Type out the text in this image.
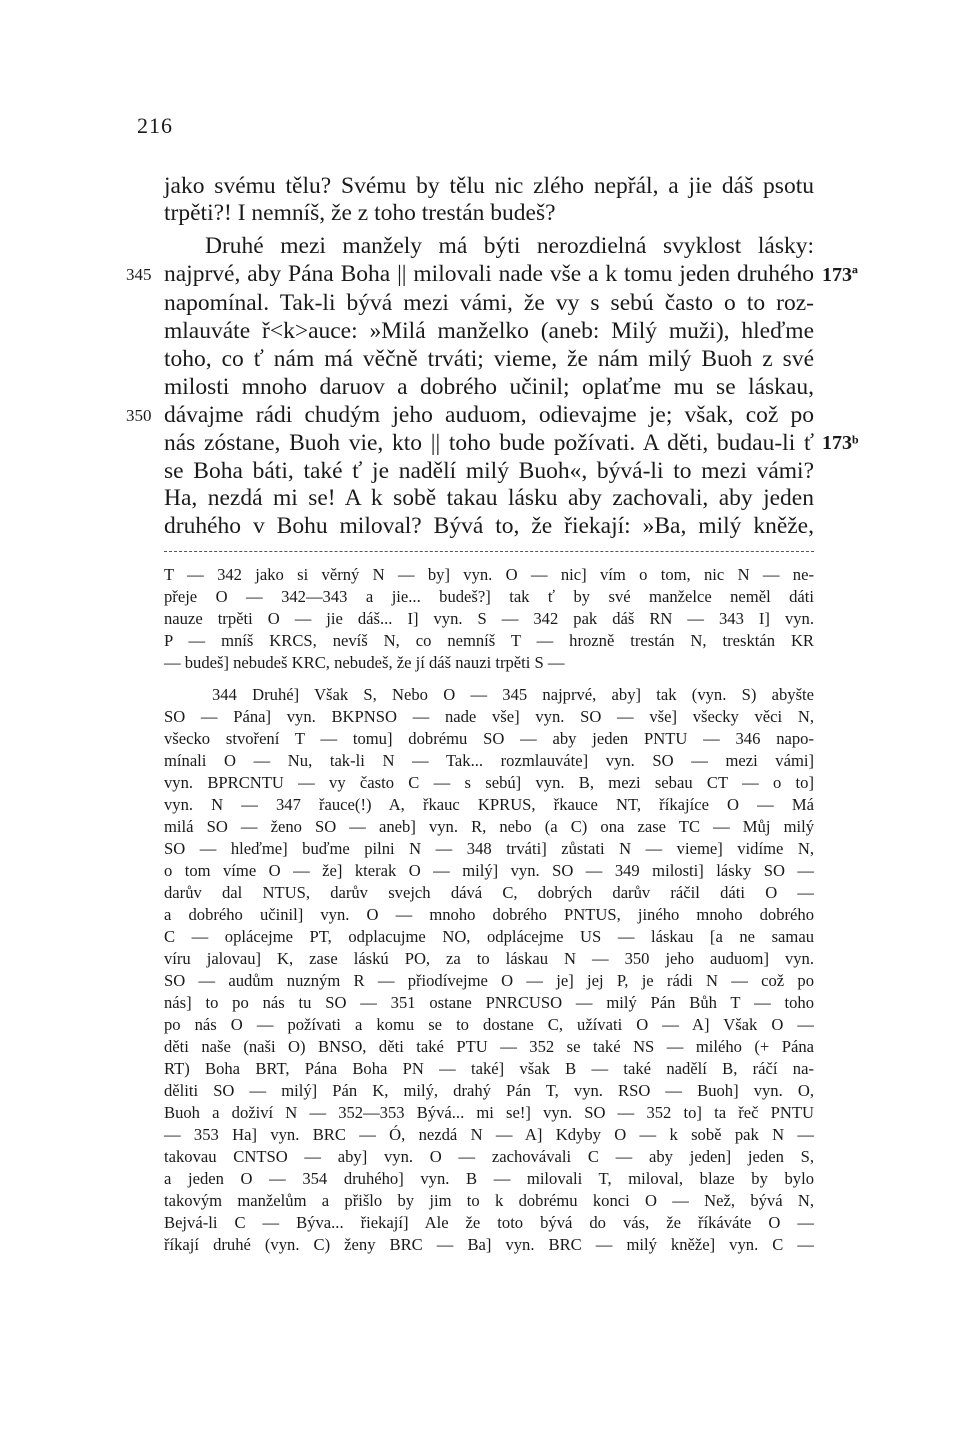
216
jako svému tělu? Svému by tělu nic zlého nepřál, a jie dáš psotu
trpěti?! I nemníš, že z toho trestán budeš?
Druhé mezi manžely má býti nerozdielná svyklost lásky:
najprvé, aby Pána Boha || milovali nade vše a k tomu jeden druhého
napomínal. Tak-li bývá mezi vámi, že vy s sebú často o to roz-
mlauváte ř<k>auce: »Milá manželko (aneb: Milý muži), hleďme
toho, co ť nám má věčně trváti; vieme, že nám milý Buoh z své
milosti mnoho daruov a dobrého učinil; oplaťme mu se láskau,
dávajme rádi chudým jeho auduom, odievajme je; však, což po
nás zóstane, Buoh vie, kto || toho bude požívati. A děti, budau-li ť
se Boha báti, také ť je nadělí milý Buoh«, bývá-li to mezi vámi?
Ha, nezdá mi se! A k sobě takau lásku aby zachovali, aby jeden
druhého v Bohu miloval? Bývá to, že řiekají: »Ba, milý kněže,
345
350
173ª
173ᵇ
T — 342 jako si věrný N — by] vyn. O — nic] vím o tom, nic N — ne-
přeje O — 342—343 a jie... budeš?] tak ť by své manželce neměl dáti
nauze trpěti O — jie dáš... I] vyn. S — 342 pak dáš RN — 343 I] vyn.
P — mníš KRCS, nevíš N, co nemníš T — hrozně trestán N, tresktán KR
— budeš] nebudeš KRC, nebudeš, že jí dáš nauzi trpěti S —
344 Druhé] Však S, Nebo O — 345 najprvé, aby] tak (vyn. S) abyšte
SO — Pána] vyn. BKPNSO — nade vše] vyn. SO — vše] všecky věci N,
všecko stvoření T — tomu] dobrému SO — aby jeden PNTU — 346 napo-
mínali O — Nu, tak-li N — Tak... rozmlauváte] vyn. SO — mezi vámi]
vyn. BPRCNTU — vy často C — s sebú] vyn. B, mezi sebau CT — o to]
vyn. N — 347 řauce(!) A, řkauc KPRUS, řkauce NT, říkajíce O — Má
milá SO — ženo SO — aneb] vyn. R, nebo (a C) ona zase TC — Můj milý
SO — hleďme] buďme pilni N — 348 trváti] zůstati N — vieme] vidíme N,
o tom víme O — že] kterak O — milý] vyn. SO — 349 milosti] lásky SO —
darův dal NTUS, darův svejch dává C, dobrých darův ráčil dáti O —
a dobrého učinil] vyn. O — mnoho dobrého PNTUS, jiného mnoho dobrého
C — oplácejme PT, odplacujme NO, odplácejme US — láskau [a ne samau
víru jalovau] K, zase láskú PO, za to láskau N — 350 jeho auduom] vyn.
SO — audům nuzným R — přiodívejme O — je] jej P, je rádi N — což po
nás] to po nás tu SO — 351 ostane PNRCUSO — milý Pán Bůh T — toho
po nás O — požívati a komu se to dostane C, užívati O — A] Však O —
děti naše (naši O) BNSO, děti také PTU — 352 se také NS — milého (+ Pána
RT) Boha BRT, Pána Boha PN — také] však B — také nadělí B, ráčí na-
děliti SO — milý] Pán K, milý, drahý Pán T, vyn. RSO — Buoh] vyn. O,
Buoh a doživí N — 352—353 Bývá... mi se!] vyn. SO — 352 to] ta řeč PNTU
— 353 Ha] vyn. BRC — Ó, nezdá N — A] Kdyby O — k sobě pak N —
takovau CNTSO — aby] vyn. O — zachovávali C — aby jeden] jeden S,
a jeden O — 354 druhého] vyn. B — milovali T, miloval, blaze by bylo
takovým manželům a přišlo by jim to k dobrému konci O — Než, bývá N,
Bejvá-li C — Býva... řiekají] Ale že toto bývá do vás, že říkáváte O —
říkají druhé (vyn. C) ženy BRC — Ba] vyn. BRC — milý kněže] vyn. C —
